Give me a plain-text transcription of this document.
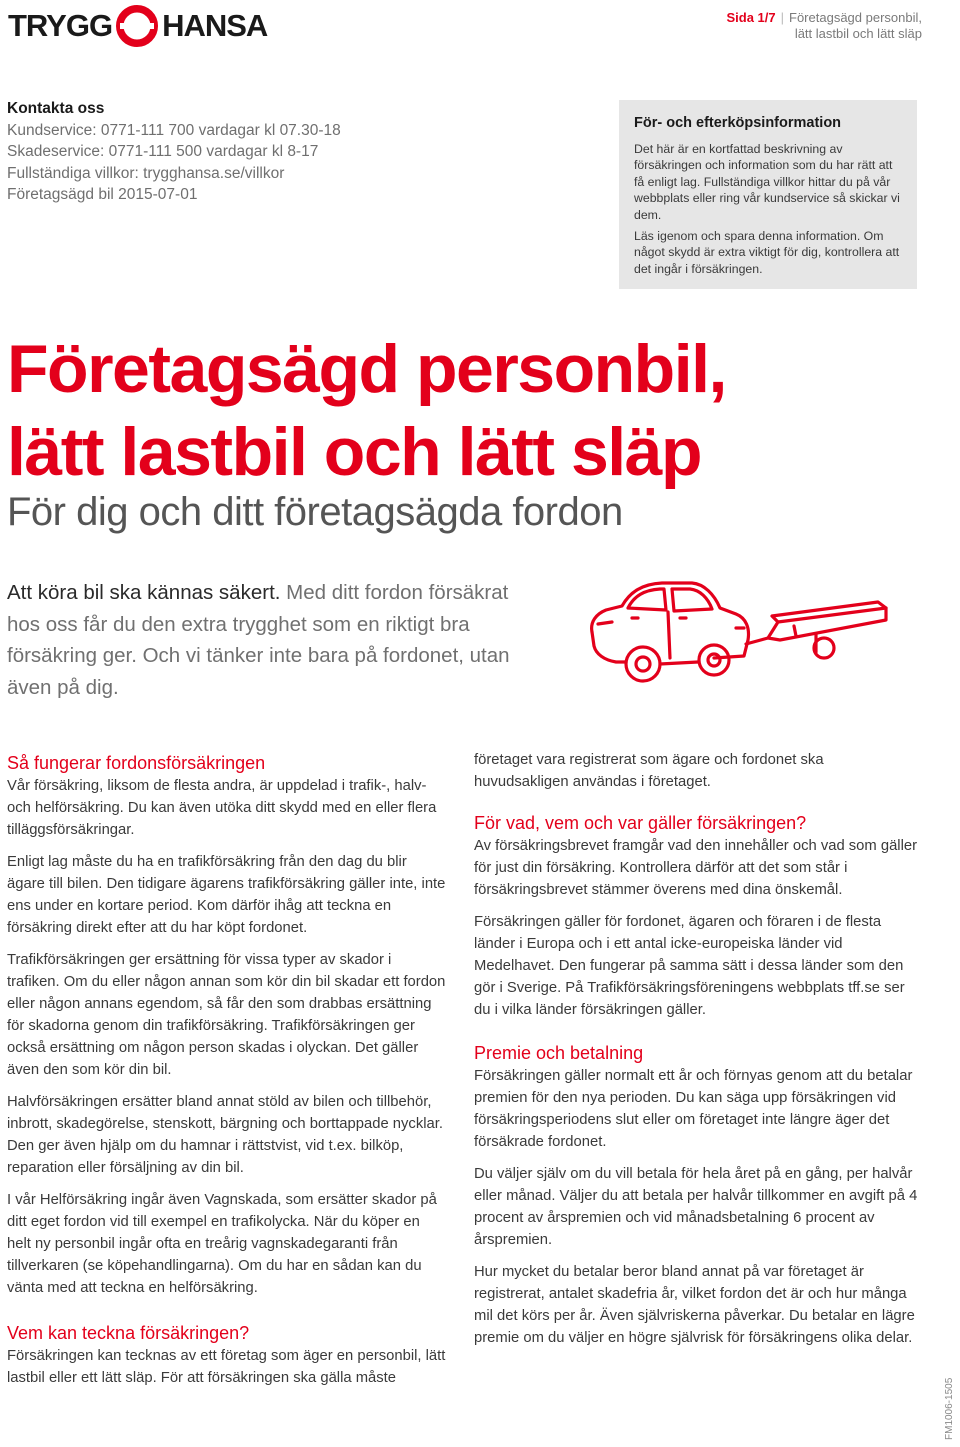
TRYGG HANSA	Sida 1/7 | Företagsägd personbil,
lätt lastbil och lätt släp
Kontakta oss
Kundservice: 0771-111 700 vardagar kl 07.30-18
Skadeservice: 0771-111 500 vardagar kl 8-17
Fullständiga villkor: trygghansa.se/villkor
Företagsägd bil 2015-07-01
För- och efterköpsinformation

Det här är en kortfattad beskrivning av försäkringen och information som du har rätt att få enligt lag. Fullständiga villkor hittar du på vår webbplats eller ring vår kundservice så skickar vi dem.

Läs igenom och spara denna information. Om något skydd är extra viktigt för dig, kontrollera att det ingår i försäkringen.

Företagsägd personbil,
lätt lastbil och lätt släp
För dig och ditt företagsägda fordon
Att köra bil ska kännas säkert. Med ditt fordon försäkrat hos oss får du den extra trygghet som en riktigt bra försäkring ger. Och vi tänker inte bara på fordonet, utan även på dig.
Så fungerar fordonsförsäkringen

Vår försäkring, liksom de flesta andra, är uppdelad i trafik-, halv- och helförsäkring. Du kan även utöka ditt skydd med en eller flera tilläggsförsäkringar.

Enligt lag måste du ha en trafikförsäkring från den dag du blir ägare till bilen. Den tidigare ägarens trafikförsäkring gäller inte, inte ens under en kortare period. Kom därför ihåg att teckna en försäkring direkt efter att du har köpt fordonet.

Trafikförsäkringen ger ersättning för vissa typer av skador i trafiken. Om du eller någon annan som kör din bil skadar ett fordon eller någon annans egendom, så får den som drabbas ersättning för skadorna genom din trafikförsäkring. Trafikförsäkringen ger också ersättning om någon person skadas i olyckan. Det gäller även den som kör din bil.

Halvförsäkringen ersätter bland annat stöld av bilen och tillbehör, inbrott, skadegörelse, stenskott, bärgning och borttappade nycklar. Den ger även hjälp om du hamnar i rättstvist, vid t.ex. bilköp, reparation eller försäljning av din bil.

I vår Helförsäkring ingår även Vagnskada, som ersätter skador på ditt eget fordon vid till exempel en trafikolycka. När du köper en helt ny personbil ingår ofta en treårig vagnskadegaranti från tillverkaren (se köpehandlingarna). Om du har en sådan kan du vänta med att teckna en helförsäkring.

Vem kan teckna försäkringen?

Försäkringen kan tecknas av ett företag som äger en personbil, lätt lastbil eller ett lätt släp. För att försäkringen ska gälla måste

företaget vara registrerat som ägare och fordonet ska huvudsakligen användas i företaget.

För vad, vem och var gäller försäkringen?

Av försäkringsbrevet framgår vad den innehåller och vad som gäller för just din försäkring. Kontrollera därför att det som står i försäkringsbrevet stämmer överens med dina önskemål.

Försäkringen gäller för fordonet, ägaren och föraren i de flesta länder i Europa och i ett antal icke-europeiska länder vid Medelhavet. Den fungerar på samma sätt i dessa länder som den gör i Sverige. På Trafikförsäkringsföreningens webbplats tff.se ser du i vilka länder försäkringen gäller.

Premie och betalning

Försäkringen gäller normalt ett år och förnyas genom att du betalar premien för den nya perioden. Du kan säga upp försäkringen vid försäkringsperiodens slut eller om företaget inte längre äger det försäkrade fordonet.

Du väljer själv om du vill betala för hela året på en gång, per halvår eller månad. Väljer du att betala per halvår tillkommer en avgift på 4 procent av årspremien och vid månadsbetalning 6 procent av årspremien.

Hur mycket du betalar beror bland annat på var företaget är registrerat, antalet skadefria år, vilket fordon det är och hur många mil det körs per år. Även självriskerna påverkar. Du betalar en lägre premie om du väljer en högre självrisk för försäkringens olika delar.

FM1006-1505
